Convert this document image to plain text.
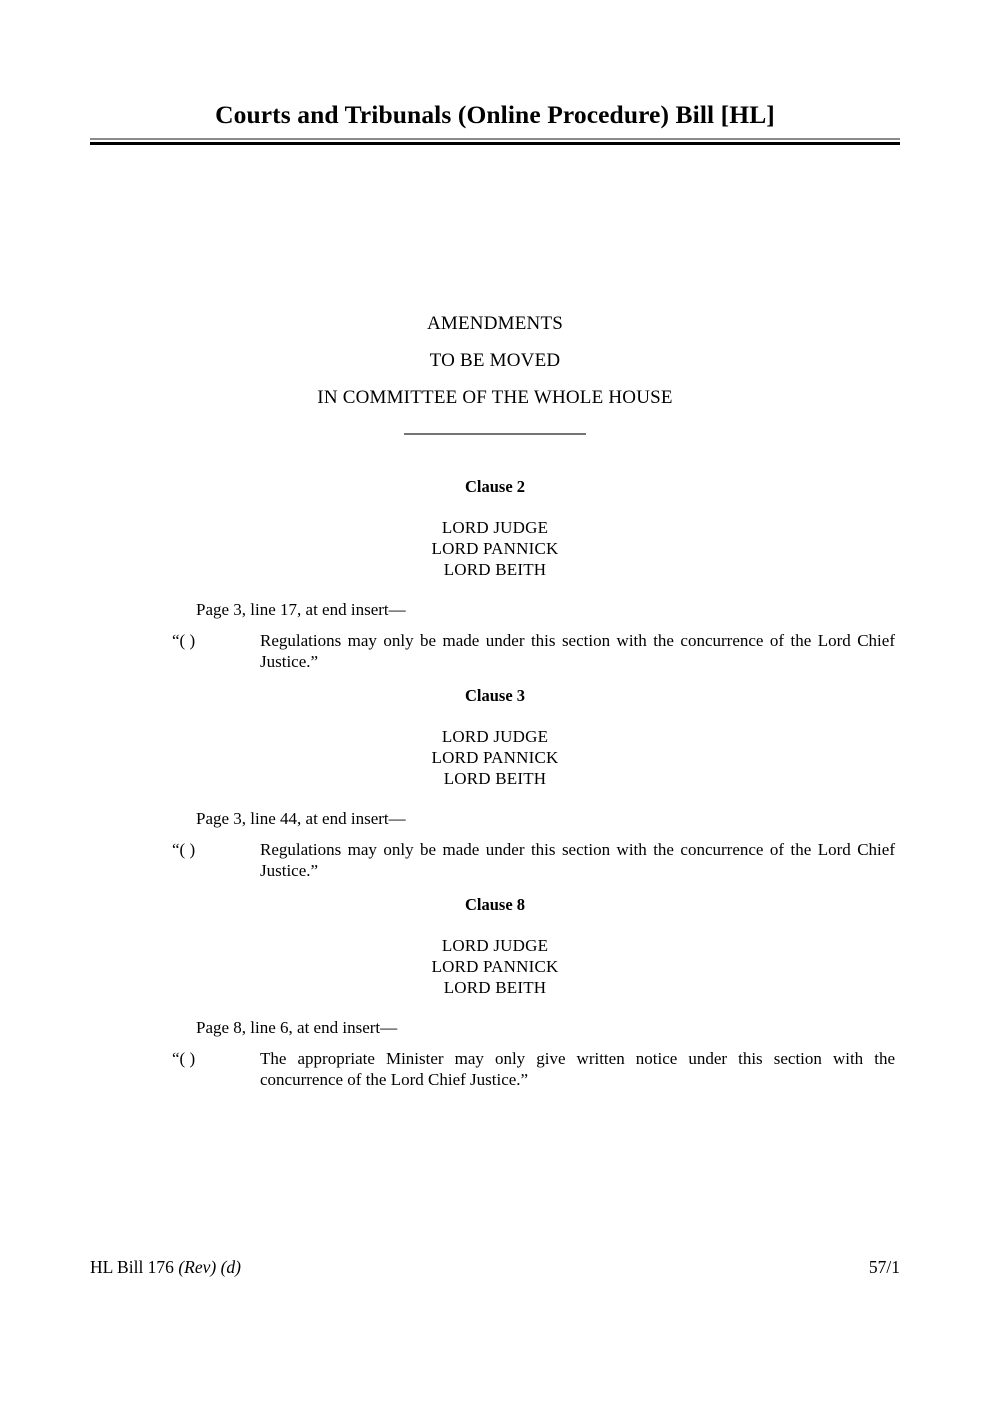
Courts and Tribunals (Online Procedure) Bill [HL]
AMENDMENTS
TO BE MOVED
IN COMMITTEE OF THE WHOLE HOUSE
Clause 2
LORD JUDGE
LORD PANNICK
LORD BEITH
Page 3, line 17, at end insert—
“( )	Regulations may only be made under this section with the concurrence of the Lord Chief Justice.”
Clause 3
LORD JUDGE
LORD PANNICK
LORD BEITH
Page 3, line 44, at end insert—
“( )	Regulations may only be made under this section with the concurrence of the Lord Chief Justice.”
Clause 8
LORD JUDGE
LORD PANNICK
LORD BEITH
Page 8, line 6, at end insert—
“( )	The appropriate Minister may only give written notice under this section with the concurrence of the Lord Chief Justice.”
HL Bill 176 (Rev) (d)	57/1
